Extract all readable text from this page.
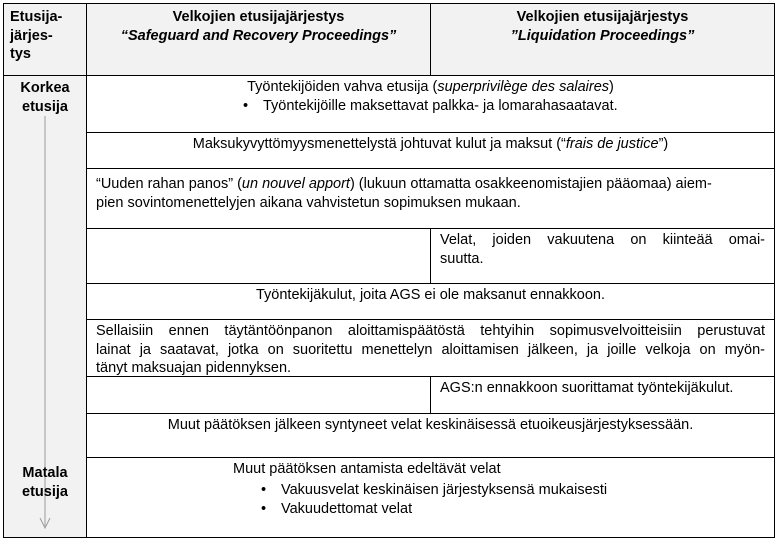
Etusija-
järjes-
tys
Velkojien etusijajärjestys
“Safeguard and Recovery Proceedings”
Velkojien etusijajärjestys
”Liquidation Proceedings”
Korkea
etusija
Matala
etusija
Työntekijöiden vahva etusija (superprivilège des salaires)
• Työntekijöille maksettavat palkka- ja lomarahasaatavat.
Maksukyvyttömyysmenettelystä johtuvat kulut ja maksut (“frais de justice”)
“Uuden rahan panos” (un nouvel apport) (lukuun ottamatta osakkeenomistajien pääomaa) aiem-
pien sovintomenettelyjen aikana vahvistetun sopimuksen mukaan.
Velat, joiden vakuutena on kiinteää omai-
suutta.
Työntekijäkulut, joita AGS ei ole maksanut ennakkoon.
Sellaisiin ennen täytäntöönpanon aloittamispäätöstä tehtyihin sopimusvelvoitteisiin perustuvat
lainat ja saatavat, jotka on suoritettu menettelyn aloittamisen jälkeen, ja joille velkoja on myön-
tänyt maksuajan pidennyksen.
AGS:n ennakkoon suorittamat työntekijäkulut.
Muut päätöksen jälkeen syntyneet velat keskinäisessä etuoikeusjärjestyksessään.
Muut päätöksen antamista edeltävät velat
• Vakuusvelat keskinäisen järjestyksensä mukaisesti
• Vakuudettomat velat
